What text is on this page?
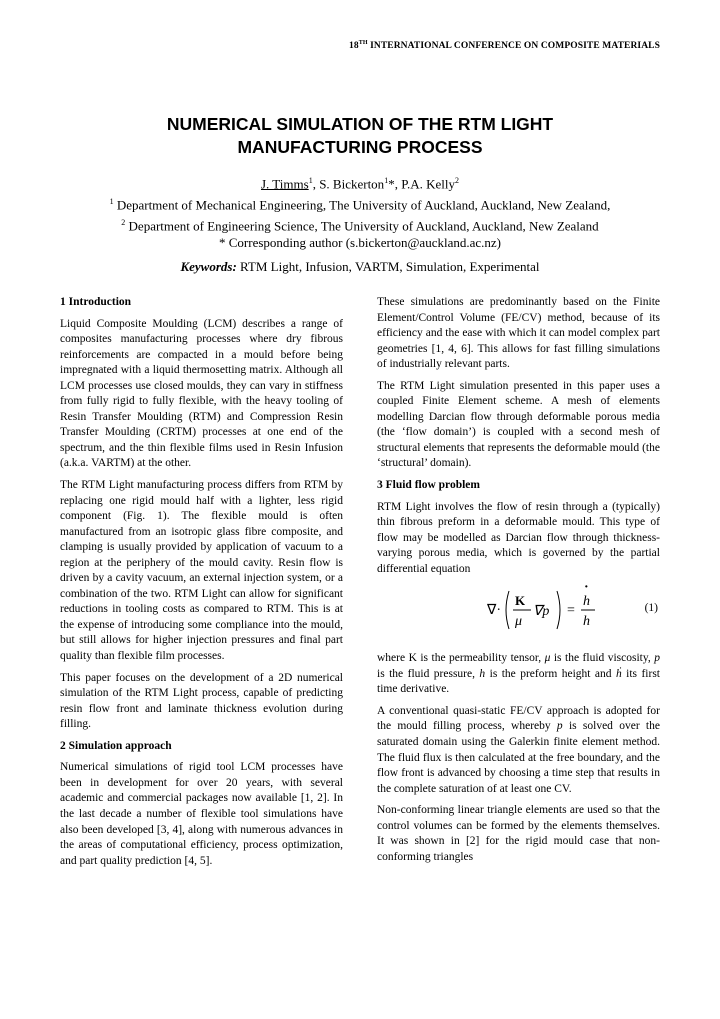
18TH INTERNATIONAL CONFERENCE ON COMPOSITE MATERIALS
NUMERICAL SIMULATION OF THE RTM LIGHT
MANUFACTURING PROCESS
J. Timms$^1$, S. Bickerton$^1$*, P.A. Kelly$^2$
$^1$ Department of Mechanical Engineering, The University of Auckland, Auckland, New Zealand,
$^2$ Department of Engineering Science, The University of Auckland, Auckland, New Zealand
* Corresponding author (s.bickerton@auckland.ac.nz)
Keywords: RTM Light, Infusion, VARTM, Simulation, Experimental
1 Introduction

Liquid Composite Moulding (LCM) describes a range of composites manufacturing processes where dry fibrous reinforcements are compacted in a mould before being impregnated with a liquid thermosetting matrix. Although all LCM processes use closed moulds, they can vary in stiffness from fully rigid to fully flexible, with the heavy tooling of Resin Transfer Moulding (RTM) and Compression Resin Transfer Moulding (CRTM) processes at one end of the spectrum, and the thin flexible films used in Resin Infusion (a.k.a. VARTM) at the other.

The RTM Light manufacturing process differs from RTM by replacing one rigid mould half with a lighter, less rigid component (Fig. 1). The flexible mould is often manufactured from an isotropic glass fibre composite, and clamping is usually provided by application of vacuum to a region at the periphery of the mould cavity. Resin flow is driven by a cavity vacuum, an external injection system, or a combination of the two. RTM Light can allow for significant reductions in tooling costs as compared to RTM. This is at the expense of introducing some compliance into the mould, but still allows for higher injection pressures and final part quality than flexible film processes.

This paper focuses on the development of a 2D numerical simulation of the RTM Light process, capable of predicting resin flow front and laminate thickness evolution during filling.

2 Simulation approach

Numerical simulations of rigid tool LCM processes have been in development for over 20 years, with several academic and commercial packages now available [1, 2]. In the last decade a number of flexible tool simulations have also been developed [3, 4], along with numerous advances in the areas of computational efficiency, process optimization, and part quality prediction [4, 5].

These simulations are predominantly based on the Finite Element/Control Volume (FE/CV) method, because of its efficiency and the ease with which it can model complex part geometries [1, 4, 6]. This allows for fast filling simulations of industrially relevant parts.

The RTM Light simulation presented in this paper uses a coupled Finite Element scheme. A mesh of elements modelling Darcian flow through deformable porous media (the ‘flow domain’) is coupled with a second mesh of structural elements that represents the deformable mould (the ‘structural’ domain).

3 Fluid flow problem

RTM Light involves the flow of resin through a (typically) thin fibrous preform in a deformable mould. This type of flow may be modelled as Darcian flow through thickness-varying porous media, which is governed by the partial differential equation

∇·
K
μ
∇p =
·
h
h
(1)

where K is the permeability tensor, μ is the fluid viscosity, p is the fluid pressure, h is the preform height and ḣ its first time derivative.

A conventional quasi-static FE/CV approach is adopted for the mould filling process, whereby p is solved over the saturated domain using the Galerkin finite element method. The fluid flux is then calculated at the free boundary, and the flow front is advanced by choosing a time step that results in the complete saturation of at least one CV.

Non-conforming linear triangle elements are used so that the control volumes can be formed by the elements themselves. It was shown in [2] for the rigid mould case that non-conforming triangles
